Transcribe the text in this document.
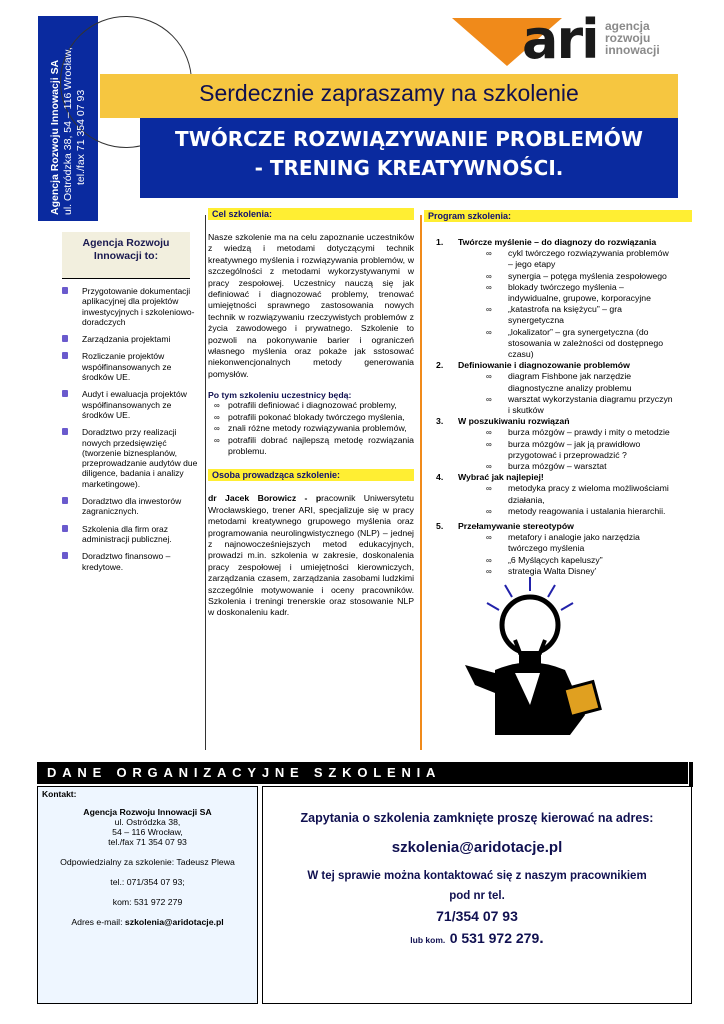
Agencja Rozwoju Innowacji SA ul. Ostródzka 38, 54 – 116 Wrocław, tel./fax 71 354 07 93
ari agencja
rozwoju
innowacji
Serdecznie zapraszamy na szkolenie
TWÓRCZE ROZWIĄZYWANIE PROBLEMÓW
- TRENING KREATYWNOŚCI.
Agencja Rozwoju Innowacji to:
Przygotowanie dokumentacji aplikacyjnej dla projektów inwestycyjnych i szkoleniowo-doradczych
Zarządzania projektami
Rozliczanie projektów współfinansowanych ze środków UE.
Audyt i ewaluacja projektów współfinansowanych ze środków UE.
Doradztwo przy realizacji nowych przedsięwzięć (tworzenie biznesplanów, przeprowadzanie audytów due diligence, badania i analizy marketingowe).
Doradztwo dla inwestorów zagranicznych.
Szkolenia dla firm oraz administracji publicznej.
Doradztwo finansowo – kredytowe.
Cel szkolenia:
Nasze szkolenie ma na celu zapoznanie uczestników z wiedzą i metodami dotyczącymi technik kreatywnego myślenia i rozwiązywania problemów, w szczególności z metodami wykorzystywanymi w pracy zespołowej. Uczestnicy nauczą się jak definiować i diagnozować problemy, trenować umiejętności sprawnego zastosowania nowych technik w rozwiązywaniu rzeczywistych problemów z życia zawodowego i prywatnego. Szkolenie to pozwoli na pokonywanie barier i ograniczeń własnego myślenia oraz pokaże jak sstosować niekonwencjonalnych metody generowania pomysłów.
Po tym szkoleniu uczestnicy będą:
∞ potrafili definiować i diagnozować problemy,
∞ potrafili pokonać blokady twórczego myślenia,
∞ znali różne metody rozwiązywania problemów,
∞ potrafili dobrać najlepszą metodę rozwiązania problemu.
Osoba prowadząca szkolenie:
dr Jacek Borowicz - pracownik Uniwersytetu Wrocławskiego, trener ARI, specjalizuje się w pracy metodami kreatywnego grupowego myślenia oraz programowania neurolingwistycznego (NLP) – jednej z najnowocześniejszych metod edukacyjnych, prowadzi m.in. szkolenia w zakresie, doskonalenia pracy zespołowej i umiejętności kierowniczych, zarządzania czasem, zarządzania zasobami ludzkimi szczególnie motywowanie i oceny pracowników. Szkolenia i treningi trenerskie oraz stosowanie NLP w doskonaleniu kadr.
Program szkolenia:
1. Twórcze myślenie – do diagnozy do rozwiązania
∞ cykl twórczego rozwiązywania problemów – jego etapy
∞ synergia – potęga myślenia zespołowego
∞ blokady twórczego myślenia – indywidualne, grupowe, korporacyjne
∞ „katastrofa na księżycu” – gra synergetyczna
∞ „lokalizator” – gra synergetyczna (do stosowania w zależności od dostępnego czasu)
2. Definiowanie i diagnozowanie problemów
∞ diagram Fishbone jak narzędzie diagnostyczne analizy problemu
∞ warsztat wykorzystania diagramu przyczyn i skutków
3. W poszukiwaniu rozwiązań
∞ burza mózgów – prawdy i mity o metodzie
∞ burza mózgów – jak ją prawidłowo przygotować i przeprowadzić ?
∞ burza mózgów – warsztat
4. Wybrać jak najlepiej!
∞ metodyka pracy z wieloma możliwościami działania,
∞ metody reagowania i ustalania hierarchii.
5. Przełamywanie stereotypów
∞ metafory i analogie jako narzędzia twórczego myślenia
∞ „6 Myślących kapeluszy”
∞ strategia Walta Disney’
DANE ORGANIZACYJNE SZKOLENIA
Kontakt:
Agencja Rozwoju Innowacji SA
ul. Ostródzka 38,
54 – 116 Wrocław,
tel./fax 71 354 07 93
Odpowiedzialny za szkolenie: Tadeusz Plewa
tel.: 071/354 07 93;
kom: 531 972 279
Adres e-mail: szkolenia@aridotacje.pl
Zapytania o szkolenia zamknięte proszę kierować na adres:
szkolenia@aridotacje.pl
W tej sprawie można kontaktować się z naszym pracownikiem
pod nr tel.
71/354 07 93
lub kom. 0 531 972 279.
